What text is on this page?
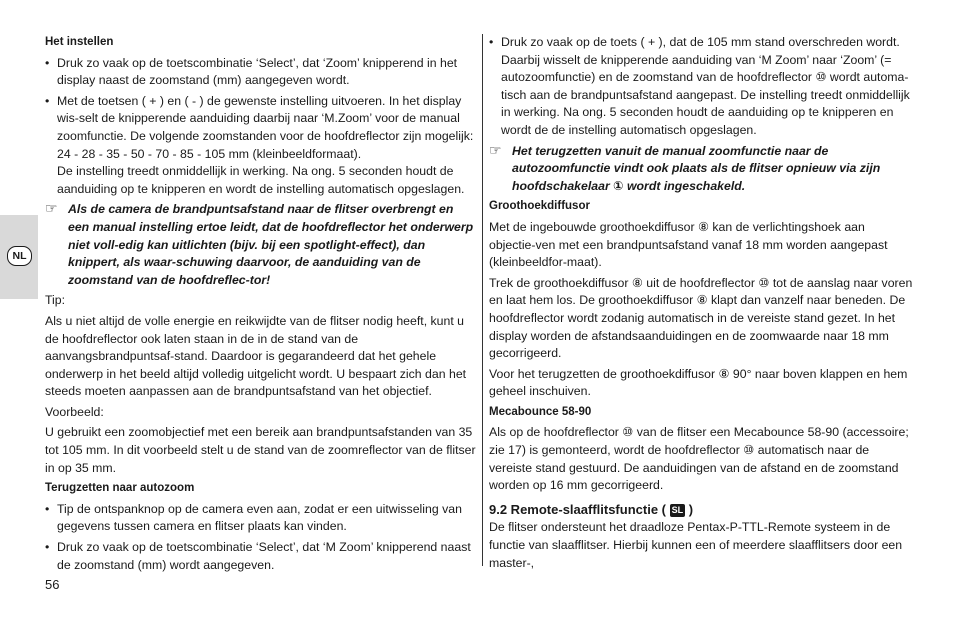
NL

Het instellen

• Druk zo vaak op de toetscombinatie ‘Select’, dat ‘Zoom’ knipperend in het display naast de zoomstand (mm) aangegeven wordt.
• Met de toetsen ( + ) en ( - ) de gewenste instelling uitvoeren. In het display wis-selt de knipperende aanduiding daarbij naar ‘M.Zoom’ voor de manual zoomfunctie. De volgende zoomstanden voor de hoofdreflector zijn mogelijk: 24 - 28 - 35 - 50 - 70 - 85 - 105 mm (kleinbeeldformaat).
De instelling treedt onmiddellijk in werking. Na ong. 5 seconden houdt de aanduiding op te knipperen en wordt de instelling automatisch opgeslagen.
☞ Als de camera de brandpuntsafstand naar de flitser overbrengt en een manual instelling ertoe leidt, dat de hoofdreflector het onderwerp niet voll-edig kan uitlichten (bijv. bij een spotlight-effect), dan knippert, als waar-schuwing daarvoor, de aanduiding van de zoomstand van de hoofdreflec-tor!

Tip:

Als u niet altijd de volle energie en reikwijdte van de flitser nodig heeft, kunt u de hoofdreflector ook laten staan in de in de stand van de aanvangsbrandpuntsaf-stand. Daardoor is gegarandeerd dat het gehele onderwerp in het beeld altijd volledig uitgelicht wordt. U bespaart zich dan het steeds moeten aanpassen aan de brandpuntsafstand van het objectief.

Voorbeeld:

U gebruikt een zoomobjectief met een bereik aan brandpuntsafstanden van 35 tot 105 mm. In dit voorbeeld stelt u de stand van de zoomreflector van de flitser in op 35 mm.

Terugzetten naar autozoom

• Tip de ontspanknop op de camera even aan, zodat er een uitwisseling van gegevens tussen camera en flitser plaats kan vinden.
• Druk zo vaak op de toetscombinatie ‘Select’, dat ‘M Zoom’ knipperend naast de zoomstand (mm) wordt aangegeven.
• Druk zo vaak op de toets ( + ), dat de 105 mm stand overschreden wordt. Daarbij wisselt de knipperende aanduiding van ‘M Zoom’ naar ‘Zoom’ (= autozoomfunctie) en de zoomstand van de hoofdreflector ⑩ wordt automa-tisch aan de brandpuntsafstand aangepast. De instelling treedt onmiddellijk in werking. Na ong. 5 seconden houdt de aanduiding op te knipperen en wordt de de instelling automatisch opgeslagen.
☞ Het terugzetten vanuit de manual zoomfunctie naar de autozoomfunctie vindt ook plaats als de flitser opnieuw via zijn hoofdschakelaar ① wordt ingeschakeld.

Groothoekdiffusor

Met de ingebouwde groothoekdiffusor ⑧ kan de verlichtingshoek aan objectie-ven met een brandpuntsafstand vanaf 18 mm worden aangepast (kleinbeeldfor-maat).

Trek de groothoekdiffusor ⑧ uit de hoofdreflector ⑩ tot de aanslag naar voren en laat hem los. De groothoekdiffusor ⑧ klapt dan vanzelf naar beneden. De hoofdreflector wordt zodanig automatisch in de vereiste stand gezet. In het display worden de afstandsaanduidingen en de zoomwaarde naar 18 mm gecorrigeerd.

Voor het terugzetten de groothoekdiffusor ⑧ 90° naar boven klappen en hem geheel inschuiven.

Mecabounce 58-90

Als op de hoofdreflector ⑩ van de flitser een Mecabounce 58-90 (accessoire; zie 17) is gemonteerd, wordt de hoofdreflector ⑩ automatisch naar de vereiste stand gestuurd. De aanduidingen van de afstand en de zoomstand worden op 16 mm gecorrigeerd.

9.2 Remote-slaafflitsfunctie ( SL )

De flitser ondersteunt het draadloze Pentax-P-TTL-Remote systeem in de functie van slaafflitser. Hierbij kunnen een of meerdere slaafflitsers door een master-,

56
